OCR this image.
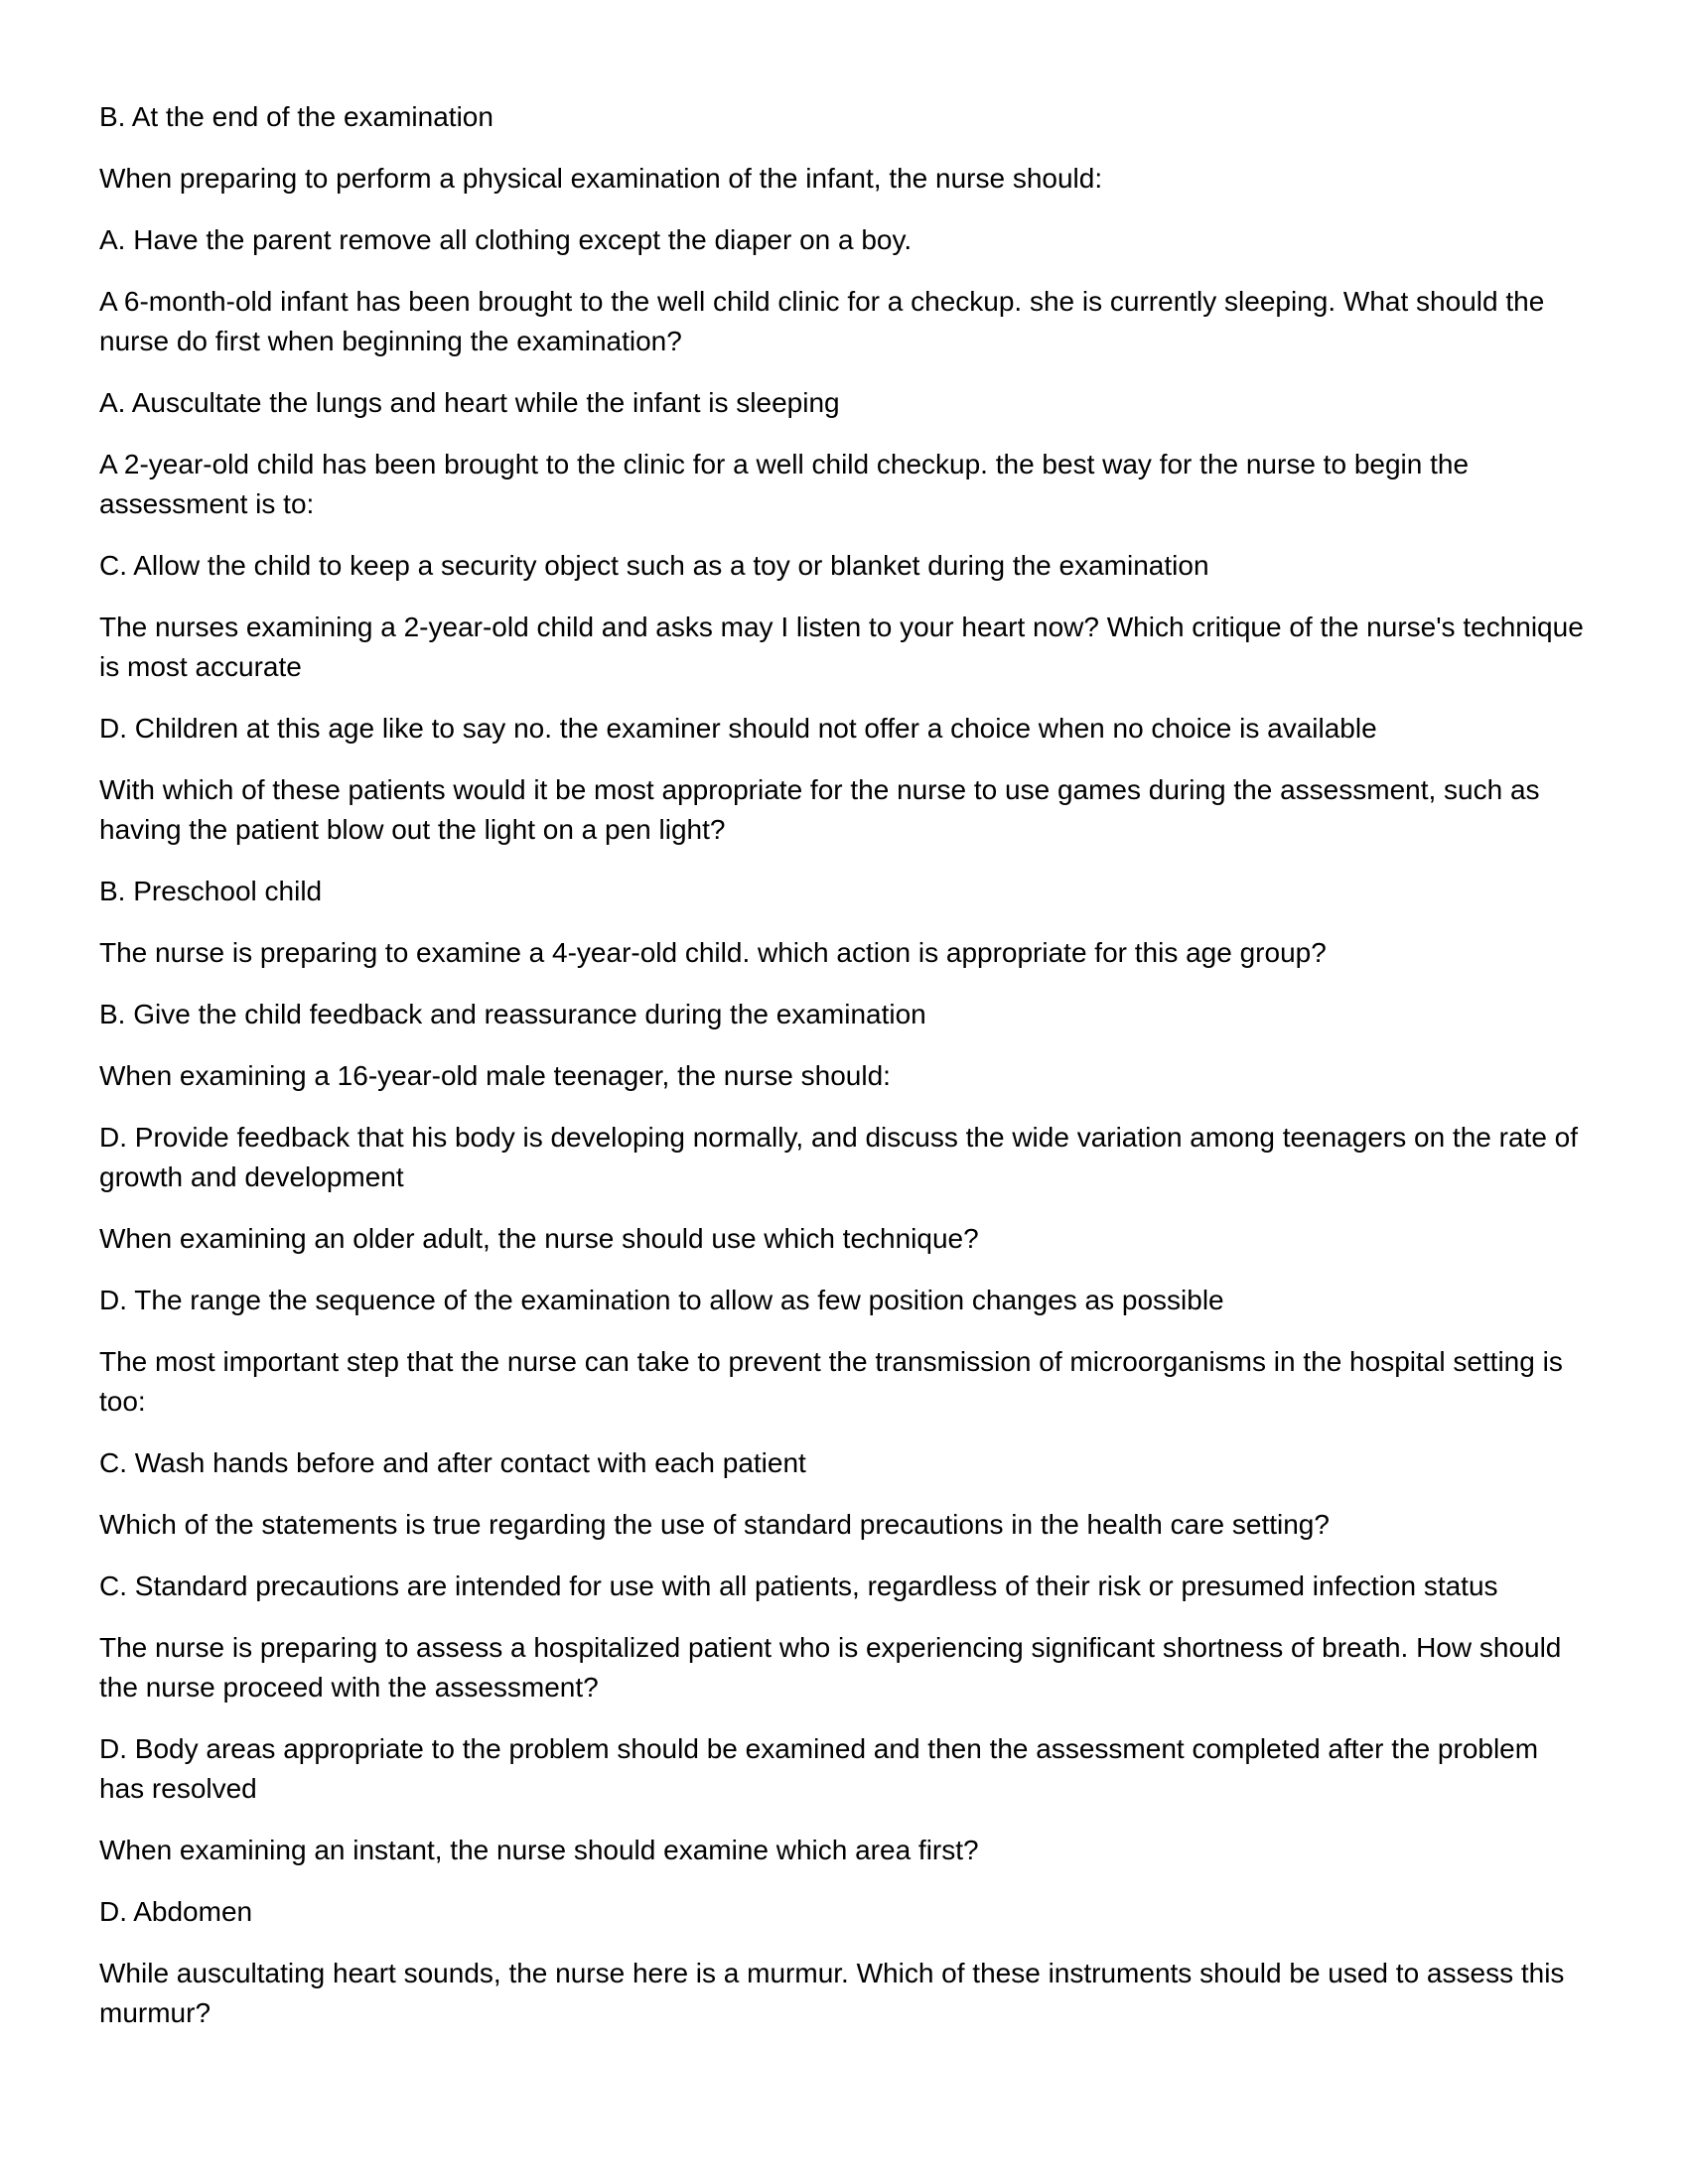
B. At the end of the examination

When preparing to perform a physical examination of the infant, the nurse should:

A. Have the parent remove all clothing except the diaper on a boy.

A 6-month-old infant has been brought to the well child clinic for a checkup. she is currently sleeping. What should the nurse do first when beginning the examination?

A. Auscultate the lungs and heart while the infant is sleeping

A 2-year-old child has been brought to the clinic for a well child checkup. the best way for the nurse to begin the assessment is to:

C. Allow the child to keep a security object such as a toy or blanket during the examination

The nurses examining a 2-year-old child and asks may I listen to your heart now? Which critique of the nurse's technique is most accurate

D. Children at this age like to say no. the examiner should not offer a choice when no choice is available

With which of these patients would it be most appropriate for the nurse to use games during the assessment, such as having the patient blow out the light on a pen light?

B. Preschool child

The nurse is preparing to examine a 4-year-old child. which action is appropriate for this age group?

B. Give the child feedback and reassurance during the examination

When examining a 16-year-old male teenager, the nurse should:

D. Provide feedback that his body is developing normally, and discuss the wide variation among teenagers on the rate of growth and development

When examining an older adult, the nurse should use which technique?

D. The range the sequence of the examination to allow as few position changes as possible

The most important step that the nurse can take to prevent the transmission of microorganisms in the hospital setting is too:

C. Wash hands before and after contact with each patient

Which of the statements is true regarding the use of standard precautions in the health care setting?

C. Standard precautions are intended for use with all patients, regardless of their risk or presumed infection status

The nurse is preparing to assess a hospitalized patient who is experiencing significant shortness of breath. How should the nurse proceed with the assessment?

D. Body areas appropriate to the problem should be examined and then the assessment completed after the problem has resolved

When examining an instant, the nurse should examine which area first?

D. Abdomen

While auscultating heart sounds, the nurse here is a murmur. Which of these instruments should be used to assess this murmur?
